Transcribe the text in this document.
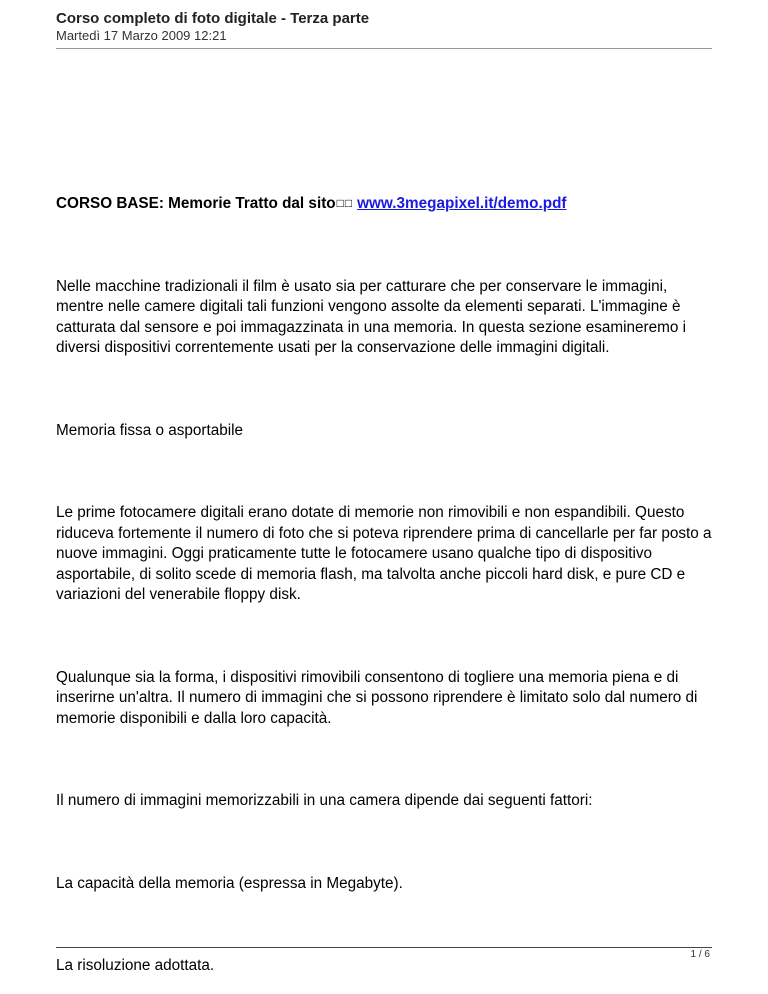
Corso completo di foto digitale - Terza parte
Martedì 17 Marzo 2009 12:21

CORSO BASE: Memorie Tratto dal sito□□ www.3megapixel.it/demo.pdf

Nelle macchine tradizionali il film è usato sia per catturare che per conservare le immagini, mentre nelle camere digitali tali funzioni vengono assolte da elementi separati. L'immagine è catturata dal sensore e poi immagazzinata in una memoria. In questa sezione esamineremo i diversi dispositivi correntemente usati per la conservazione delle immagini digitali.

Memoria fissa o asportabile

Le prime fotocamere digitali erano dotate di memorie non rimovibili e non espandibili. Questo riduceva fortemente il numero di foto che si poteva riprendere prima di cancellarle per far posto a nuove immagini. Oggi praticamente tutte le fotocamere usano qualche tipo di dispositivo asportabile, di solito scede di memoria flash, ma talvolta anche piccoli hard disk, e pure CD e variazioni del venerabile floppy disk.

Qualunque sia la forma, i dispositivi rimovibili consentono di togliere una memoria piena e di inserirne un'altra. Il numero di immagini che si possono riprendere è limitato solo dal numero di memorie disponibili e dalla loro capacità.

Il numero di immagini memorizzabili in una camera dipende dai seguenti fattori:

La capacità della memoria (espressa in Megabyte).

La risoluzione adottata.

1 / 6
